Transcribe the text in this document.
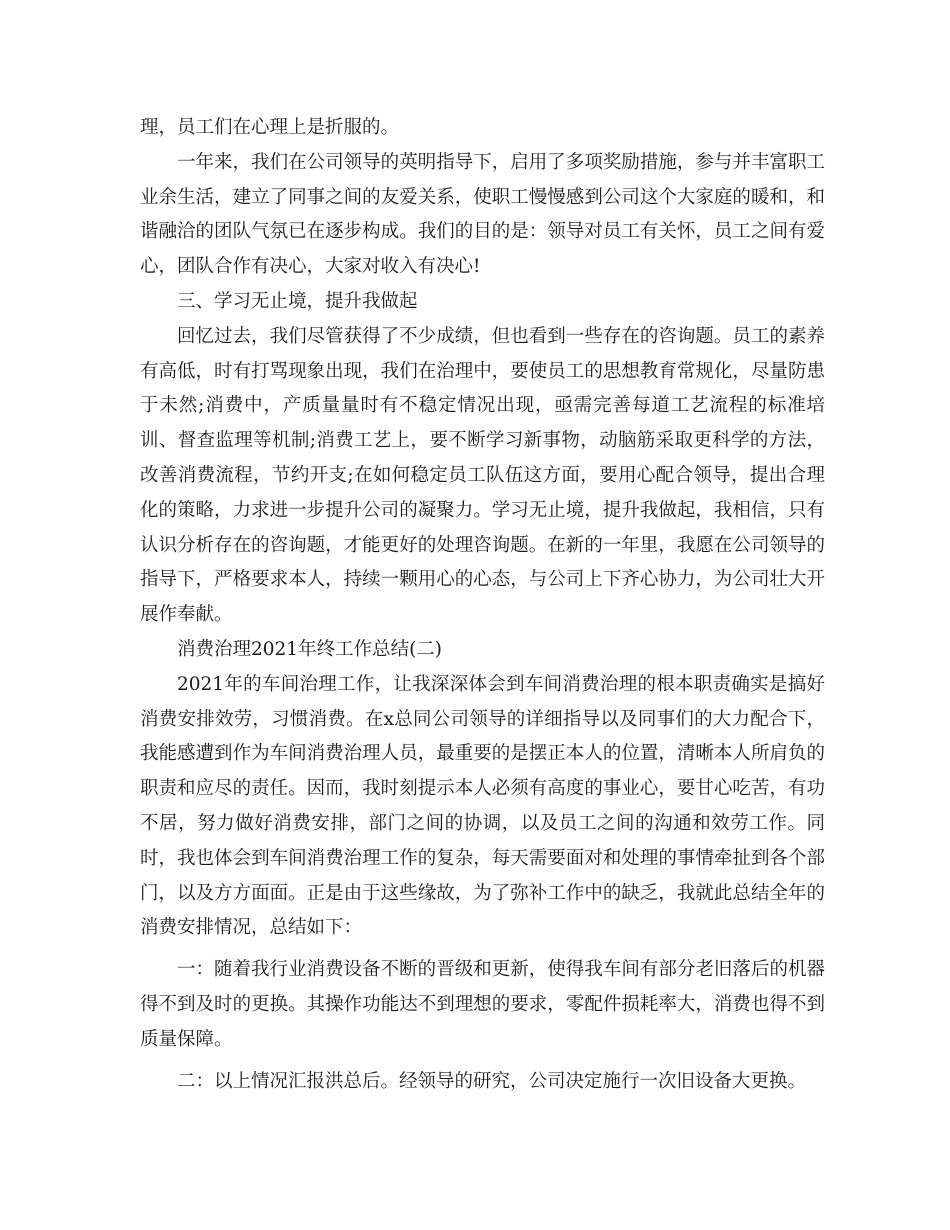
理，员工们在心理上是折服的。

一年来，我们在公司领导的英明指导下，启用了多项奖励措施，参与并丰富职工业余生活，建立了同事之间的友爱关系，使职工慢慢感到公司这个大家庭的暖和，和谐融洽的团队气氛已在逐步构成。我们的目的是：领导对员工有关怀，员工之间有爱心，团队合作有决心，大家对收入有决心!

三、学习无止境，提升我做起

回忆过去，我们尽管获得了不少成绩，但也看到一些存在的咨询题。员工的素养有高低，时有打骂现象出现，我们在治理中，要使员工的思想教育常规化，尽量防患于未然;消费中，产质量量时有不稳定情况出现，亟需完善每道工艺流程的标准培训、督查监理等机制;消费工艺上，要不断学习新事物，动脑筋采取更科学的方法，改善消费流程，节约开支;在如何稳定员工队伍这方面，要用心配合领导，提出合理化的策略，力求进一步提升公司的凝聚力。学习无止境，提升我做起，我相信，只有认识分析存在的咨询题，才能更好的处理咨询题。在新的一年里，我愿在公司领导的指导下，严格要求本人，持续一颗用心的心态，与公司上下齐心协力，为公司壮大开展作奉献。

消费治理2021年终工作总结(二)

2021年的车间治理工作，让我深深体会到车间消费治理的根本职责确实是搞好消费安排效劳，习惯消费。在x总同公司领导的详细指导以及同事们的大力配合下，我能感遭到作为车间消费治理人员，最重要的是摆正本人的位置，清晰本人所肩负的职责和应尽的责任。因而，我时刻提示本人必须有高度的事业心，要甘心吃苦，有功不居，努力做好消费安排，部门之间的协调，以及员工之间的沟通和效劳工作。同时，我也体会到车间消费治理工作的复杂，每天需要面对和处理的事情牵扯到各个部门，以及方方面面。正是由于这些缘故，为了弥补工作中的缺乏，我就此总结全年的消费安排情况，总结如下：

一：随着我行业消费设备不断的晋级和更新，使得我车间有部分老旧落后的机器得不到及时的更换。其操作功能达不到理想的要求，零配件损耗率大，消费也得不到质量保障。

二：以上情况汇报洪总后。经领导的研究，公司决定施行一次旧设备大更换。
